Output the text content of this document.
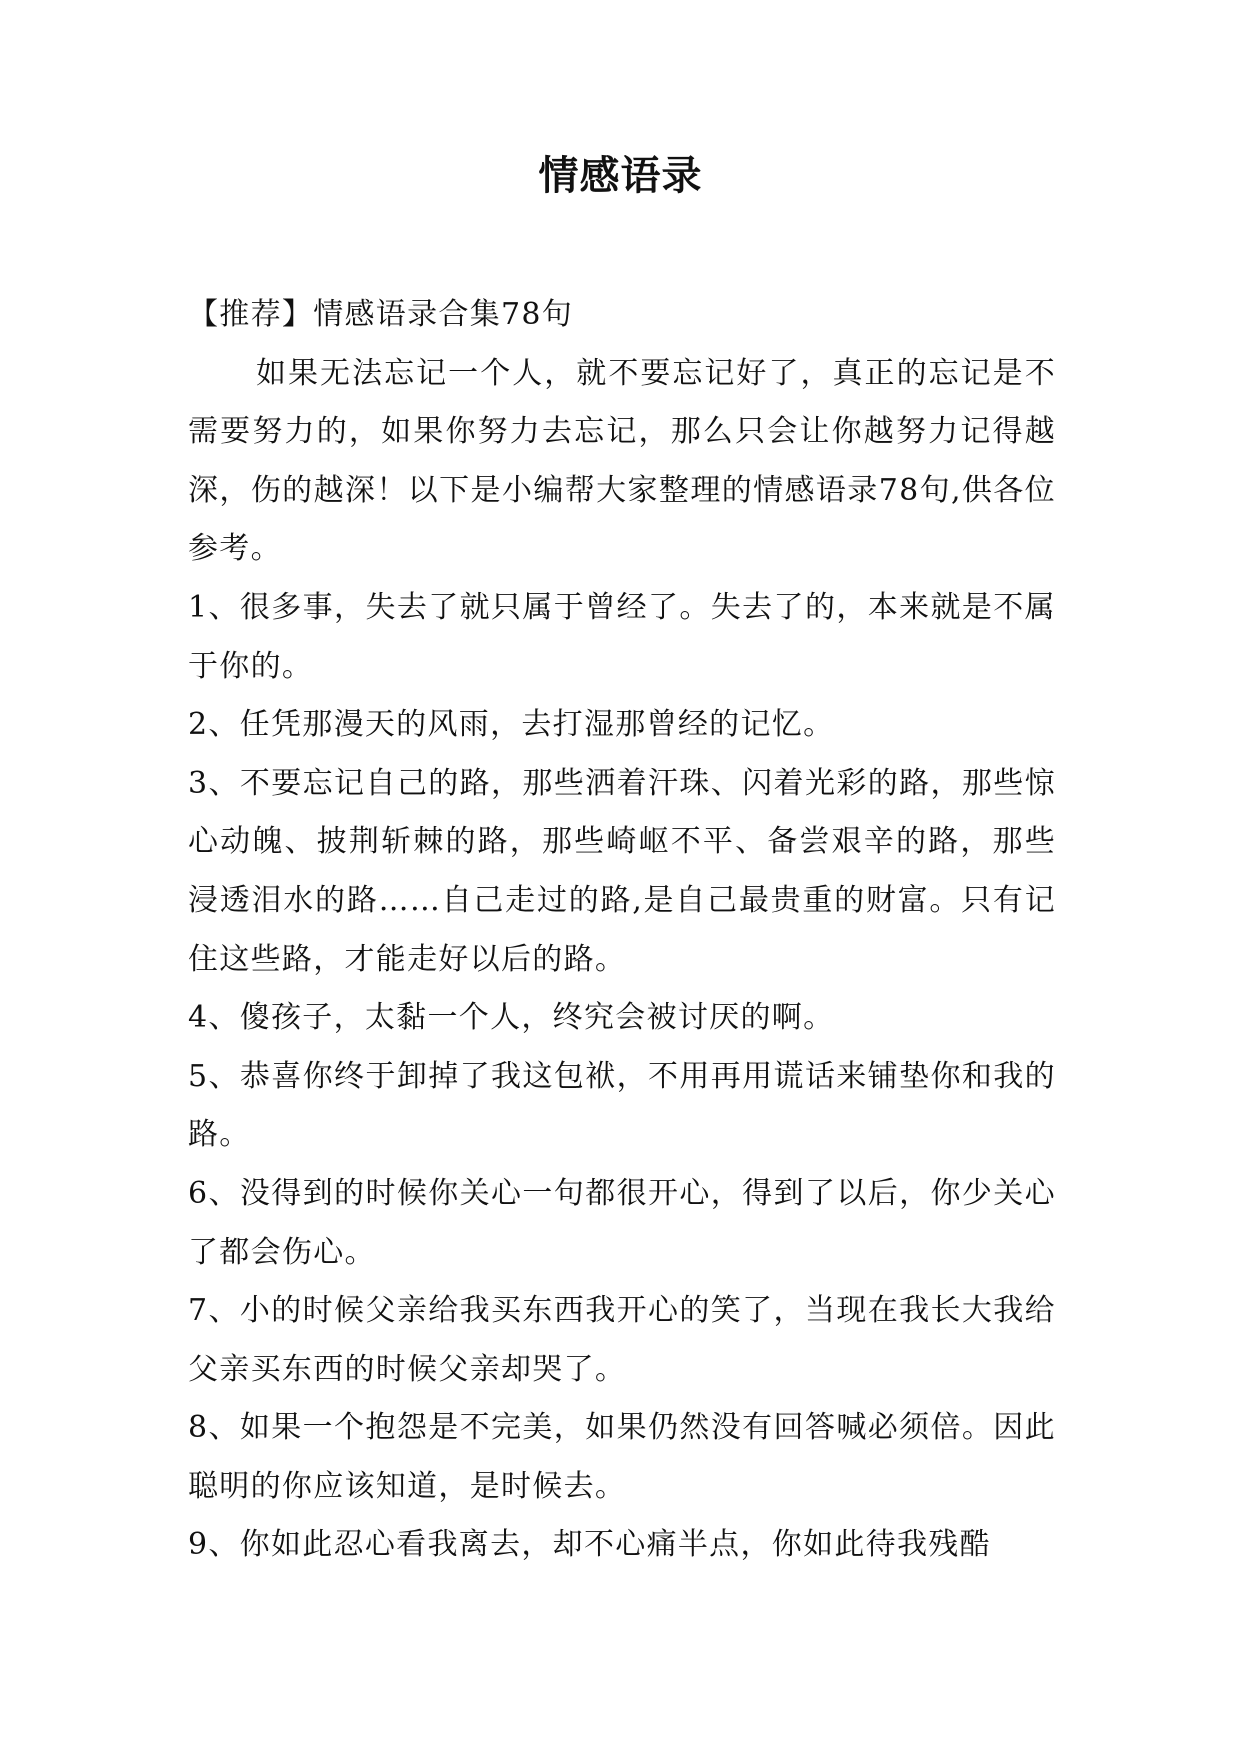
情感语录

【推荐】情感语录合集78句

如果无法忘记一个人，就不要忘记好了，真正的忘记是不需要努力的，如果你努力去忘记，那么只会让你越努力记得越深，伤的越深！以下是小编帮大家整理的情感语录78句,供各位参考。

1、很多事，失去了就只属于曾经了。失去了的，本来就是不属于你的。

2、任凭那漫天的风雨，去打湿那曾经的记忆。

3、不要忘记自己的路，那些洒着汗珠、闪着光彩的路，那些惊心动魄、披荆斩棘的路，那些崎岖不平、备尝艰辛的路，那些浸透泪水的路……自己走过的路,是自己最贵重的财富。只有记住这些路，才能走好以后的路。

4、傻孩子，太黏一个人，终究会被讨厌的啊。

5、恭喜你终于卸掉了我这包袱，不用再用谎话来铺垫你和我的路。

6、没得到的时候你关心一句都很开心，得到了以后，你少关心了都会伤心。

7、小的时候父亲给我买东西我开心的笑了，当现在我长大我给父亲买东西的时候父亲却哭了。

8、如果一个抱怨是不完美，如果仍然没有回答喊必须倍。因此聪明的你应该知道，是时候去。

9、你如此忍心看我离去，却不心痛半点，你如此待我残酷
